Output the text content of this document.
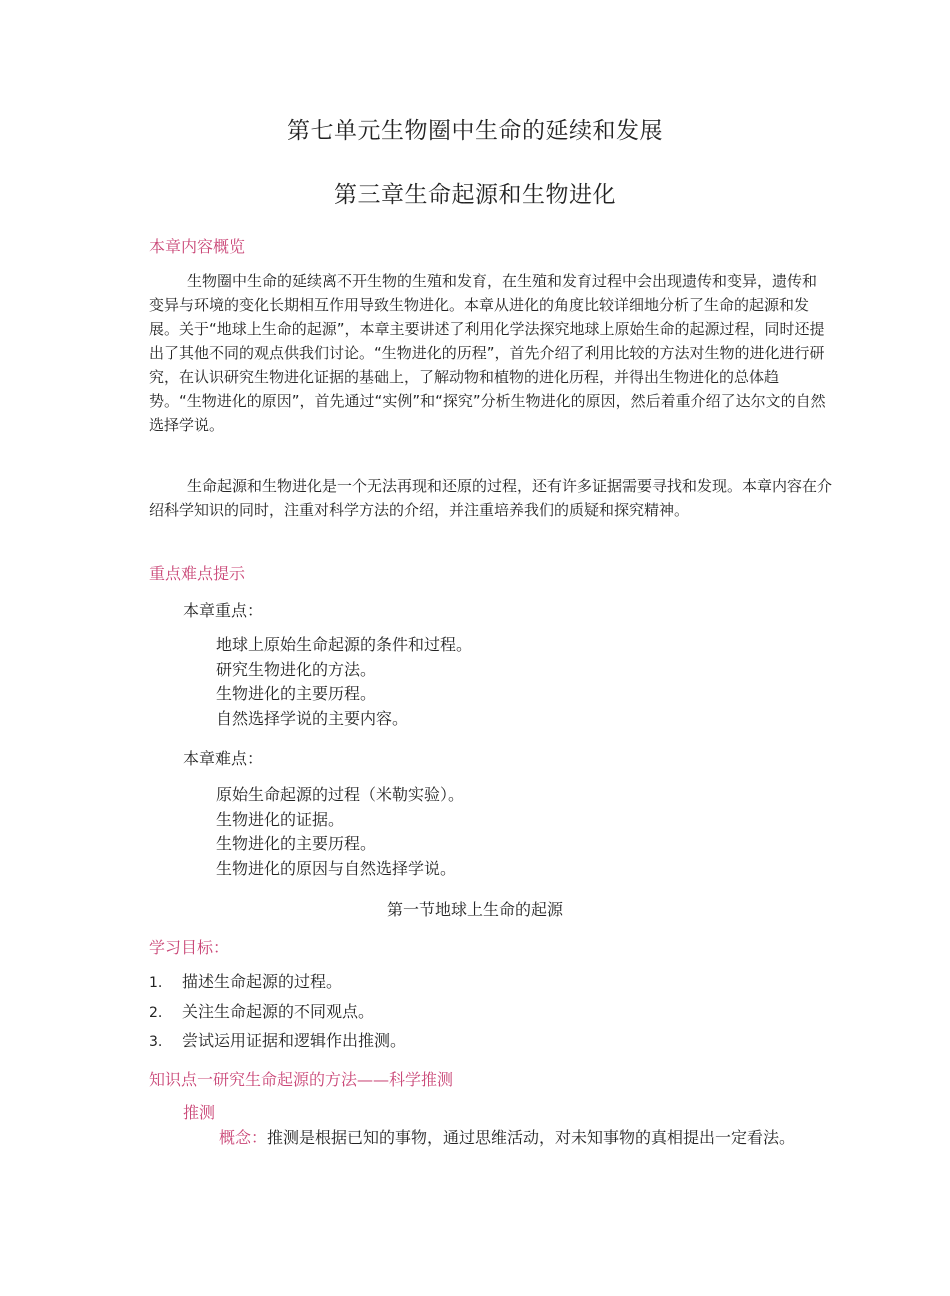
第七单元生物圈中生命的延续和发展
第三章生命起源和生物进化
本章内容概览
生物圈中生命的延续离不开生物的生殖和发育，在生殖和发育过程中会出现遗传和变异，遗传和变异与环境的变化长期相互作用导致生物进化。本章从进化的角度比较详细地分析了生命的起源和发展。关于“地球上生命的起源”，本章主要讲述了利用化学法探究地球上原始生命的起源过程，同时还提出了其他不同的观点供我们讨论。“生物进化的历程”，首先介绍了利用比较的方法对生物的进化进行研究，在认识研究生物进化证据的基础上，了解动物和植物的进化历程，并得出生物进化的总体趋势。“生物进化的原因”，首先通过“实例”和“探究”分析生物进化的原因，然后着重介绍了达尔文的自然选择学说。
生命起源和生物进化是一个无法再现和还原的过程，还有许多证据需要寻找和发现。本章内容在介绍科学知识的同时，注重对科学方法的介绍，并注重培养我们的质疑和探究精神。
重点难点提示
本章重点：
地球上原始生命起源的条件和过程。
研究生物进化的方法。
生物进化的主要历程。
自然选择学说的主要内容。
本章难点：
原始生命起源的过程（米勒实验）。
生物进化的证据。
生物进化的主要历程。
生物进化的原因与自然选择学说。
第一节地球上生命的起源
学习目标：
1. 描述生命起源的过程。
2. 关注生命起源的不同观点。
3. 尝试运用证据和逻辑作出推测。
知识点一研究生命起源的方法——科学推测
推测
概念：推测是根据已知的事物，通过思维活动，对未知事物的真相提出一定看法。
